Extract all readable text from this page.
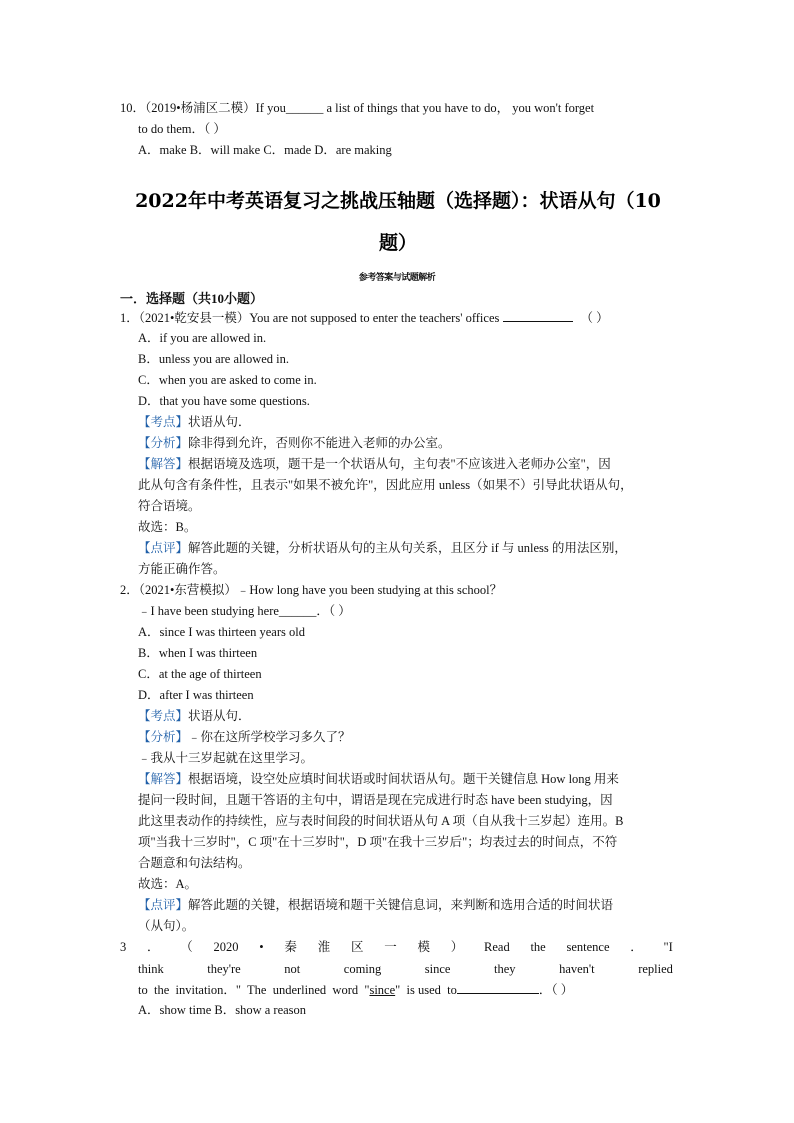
10．（2019•杨浦区二模）If you______ a list of things that you have to do， you won't forget
to do them．（ ）
A．make B．will make C．made D．are making
2022年中考英语复习之挑战压轴题（选择题）：状语从句（10
题）
参考答案与试题解析
一．选择题（共10小题）
1．（2021•乾安县一模）You are not supposed to enter the teachers' offices	（ ）
A．if you are allowed in.
B．unless you are allowed in.
C．when you are asked to come in.
D．that you have some questions.
【考点】状语从句．
【分析】除非得到允许，否则你不能进入老师的办公室。
【解答】根据语境及选项，题干是一个状语从句，主句表"不应该进入老师办公室"，因
此从句含有条件性，且表示"如果不被允许"，因此应用 unless（如果不）引导此状语从句，
符合语境。
故选：B。
【点评】解答此题的关键，分析状语从句的主从句关系，且区分 if 与 unless 的用法区别，
方能正确作答。
2．（2021•东营模拟）﹣How long have you been studying at this school？
﹣I have been studying here______．（ ）
A．since I was thirteen years old
B．when I was thirteen
C．at the age of thirteen
D．after I was thirteen
【考点】状语从句．
【分析】﹣你在这所学校学习多久了？
﹣我从十三岁起就在这里学习。
【解答】根据语境，设空处应填时间状语或时间状语从句。题干关键信息 How long 用来
提问一段时间，且题干答语的主句中，谓语是现在完成进行时态 have been studying，因
此这里表动作的持续性，应与表时间段的时间状语从句 A 项（自从我十三岁起）连用。B
项"当我十三岁时"，C 项"在十三岁时"，D 项"在我十三岁后"；均表过去的时间点，不符
合题意和句法结构。
故选：A。
【点评】解答此题的关键，根据语境和题干关键信息词，来判断和选用合适的时间状语
（从句）。
3 ． （ 2020 • 秦 淮 区 一 模 ） Read the sentence ． "I
think	they're	not	coming	since	they	haven't	replied
to  the  invitation．"  The  underlined  word  "since"  is used  to	．（ ）
A．show time B．show a reason
